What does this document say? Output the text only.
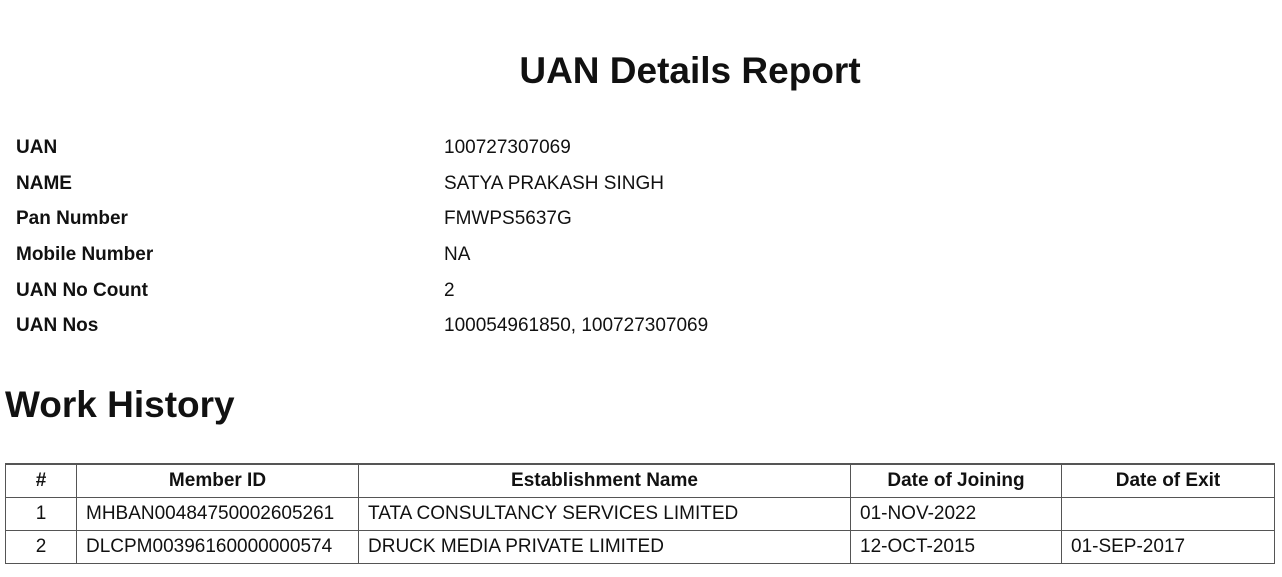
UAN Details Report
UAN	100727307069
NAME	SATYA PRAKASH SINGH
Pan Number	FMWPS5637G
Mobile Number	NA
UAN No Count	2
UAN Nos	100054961850, 100727307069
Work History
#	Member ID	Establishment Name	Date of Joining	Date of Exit
1	MHBAN00484750002605261	TATA CONSULTANCY SERVICES LIMITED	01-NOV-2022	
2	DLCPM00396160000000574	DRUCK MEDIA PRIVATE LIMITED	12-OCT-2015	01-SEP-2017
